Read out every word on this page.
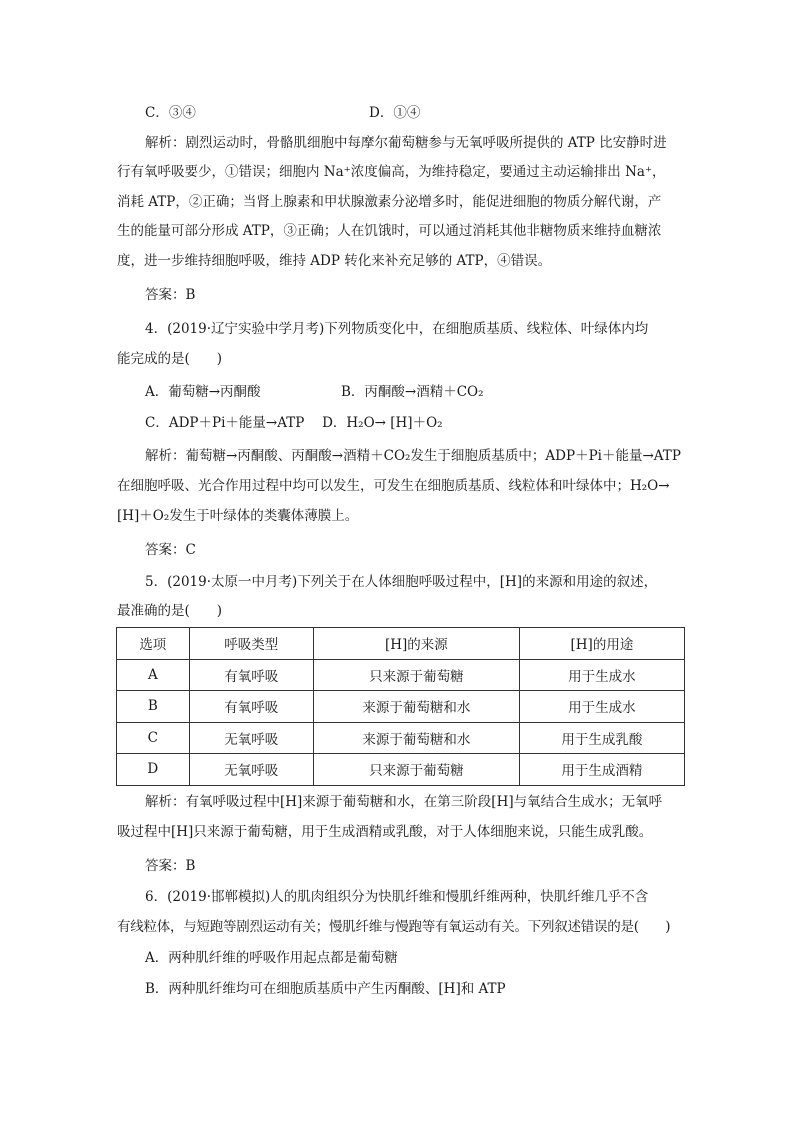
C．③④	D．①④
解析：剧烈运动时，骨骼肌细胞中每摩尔葡萄糖参与无氧呼吸所提供的 ATP 比安静时进
行有氧呼吸要少，①错误；细胞内 Na⁺浓度偏高，为维持稳定，要通过主动运输排出 Na⁺，
消耗 ATP，②正确；当肾上腺素和甲状腺激素分泌增多时，能促进细胞的物质分解代谢，产
生的能量可部分形成 ATP，③正确；人在饥饿时，可以通过消耗其他非糖物质来维持血糖浓
度，进一步维持细胞呼吸，维持 ADP 转化来补充足够的 ATP，④错误。
答案：B
4．(2019·辽宁实验中学月考)下列物质变化中，在细胞质基质、线粒体、叶绿体内均
能完成的是(　　)
A．葡萄糖→丙酮酸	B．丙酮酸→酒精＋CO₂
C．ADP＋Pi＋能量→ATP　 D．H₂O→ [H]＋O₂
解析：葡萄糖→丙酮酸、丙酮酸→酒精＋CO₂发生于细胞质基质中；ADP＋Pi＋能量→ATP
在细胞呼吸、光合作用过程中均可以发生，可发生在细胞质基质、线粒体和叶绿体中；H₂O→
[H]＋O₂发生于叶绿体的类囊体薄膜上。
答案：C
5．(2019·太原一中月考)下列关于在人体细胞呼吸过程中，[H]的来源和用途的叙述，
最准确的是(　　)
选项	呼吸类型	[H]的来源	[H]的用途
A	有氧呼吸	只来源于葡萄糖	用于生成水
B	有氧呼吸	来源于葡萄糖和水	用于生成水
C	无氧呼吸	来源于葡萄糖和水	用于生成乳酸
D	无氧呼吸	只来源于葡萄糖	用于生成酒精
解析：有氧呼吸过程中[H]来源于葡萄糖和水，在第三阶段[H]与氧结合生成水；无氧呼
吸过程中[H]只来源于葡萄糖，用于生成酒精或乳酸，对于人体细胞来说，只能生成乳酸。
答案：B
6．(2019·邯郸模拟)人的肌肉组织分为快肌纤维和慢肌纤维两种，快肌纤维几乎不含
有线粒体，与短跑等剧烈运动有关；慢肌纤维与慢跑等有氧运动有关。下列叙述错误的是(　　)
A．两种肌纤维的呼吸作用起点都是葡萄糖
B．两种肌纤维均可在细胞质基质中产生丙酮酸、[H]和 ATP
